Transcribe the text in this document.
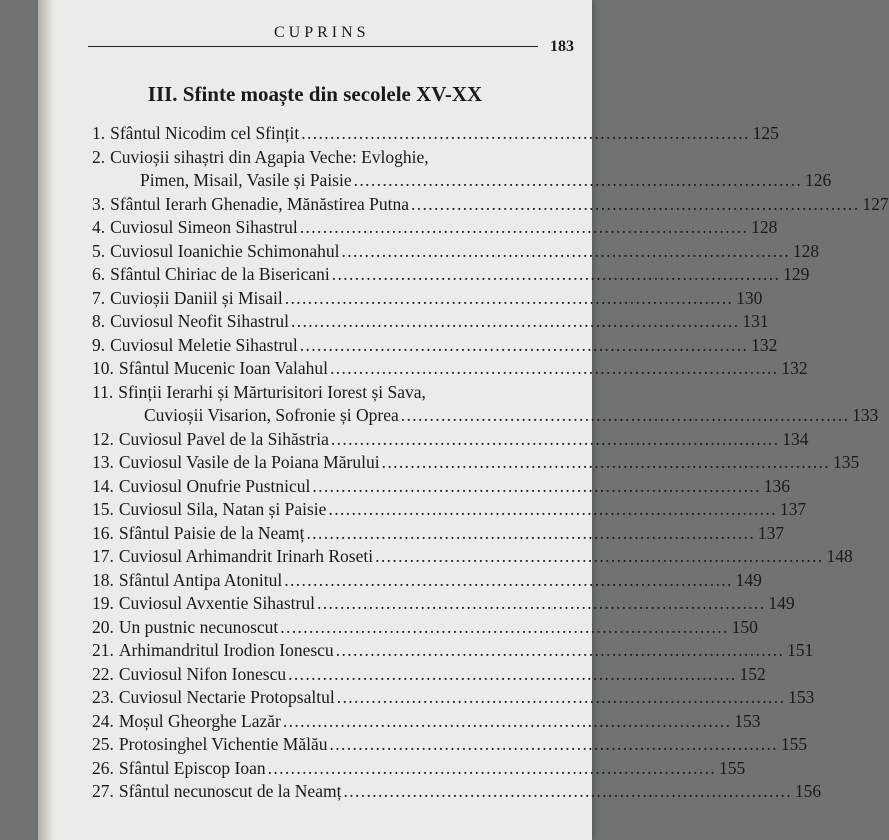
CUPRINS
183
III. Sfinte moaște din secolele XV-XX
1. Sfântul Nicodim cel Sfințit . . .	125
2. Cuvioșii sihaștri din Agapia Veche: Evloghie,
Pimen, Misail, Vasile și Paisie . . .	126
3. Sfântul Ierarh Ghenadie, Mănăstirea Putna . . .	127
4. Cuviosul Simeon Sihastrul . . .	128
5. Cuviosul Ioanichie Schimonahul . . .	128
6. Sfântul Chiriac de la Bisericani . . .	129
7. Cuvioșii Daniil și Misail . . .	130
8. Cuviosul Neofit Sihastrul . . .	131
9. Cuviosul Meletie Sihastrul . . .	132
10. Sfântul Mucenic Ioan Valahul . . .	132
11. Sfinții Ierarhi și Mărturisitori Iorest și Sava,
Cuvioșii Visarion, Sofronie și Oprea . . .	133
12. Cuviosul Pavel de la Sihăstria . . .	134
13. Cuviosul Vasile de la Poiana Mărului . . .	135
14. Cuviosul Onufrie Pustnicul . . .	136
15. Cuviosul Sila, Natan și Paisie . . .	137
16. Sfântul Paisie de la Neamț . . .	137
17. Cuviosul Arhimandrit Irinarh Roseti . . .	148
18. Sfântul Antipa Atonitul . . .	149
19. Cuviosul Avxentie Sihastrul . . .	149
20. Un pustnic necunoscut . . .	150
21. Arhimandritul Irodion Ionescu . . .	151
22. Cuviosul Nifon Ionescu . . .	152
23. Cuviosul Nectarie Protopsaltul . . .	153
24. Moșul Gheorghe Lazăr . . .	153
25. Protosinghel Vichentie Mălău . . .	155
26. Sfântul Episcop Ioan . . .	155
27. Sfântul necunoscut de la Neamț . . .	156
